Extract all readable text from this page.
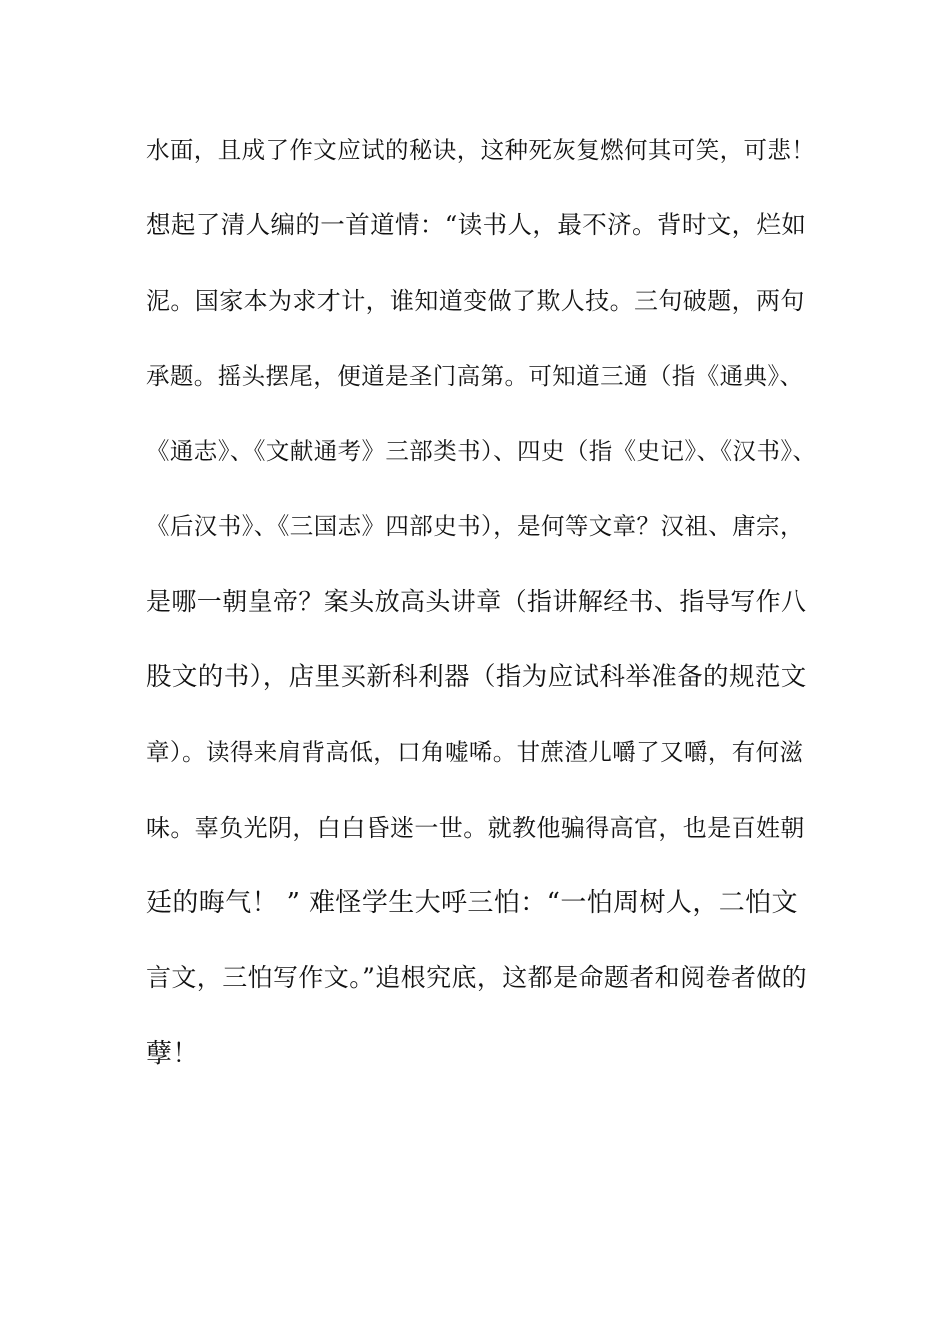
水面，且成了作文应试的秘诀，这种死灰复燃何其可笑，可悲！
想起了清人编的一首道情：“读书人，最不济。背时文，烂如
泥。国家本为求才计，谁知道变做了欺人技。三句破题，两句
承题。摇头摆尾，便道是圣门高第。可知道三通（指《通典》、
《通志》、《文献通考》三部类书）、四史（指《史记》、《汉书》、
《后汉书》、《三国志》四部史书），是何等文章？汉祖、唐宗，
是哪一朝皇帝？案头放高头讲章（指讲解经书、指导写作八
股文的书），店里买新科利器（指为应试科举准备的规范文
章）。读得来肩背高低，口角嘘唏。甘蔗渣儿嚼了又嚼，有何滋
味。辜负光阴，白白昏迷一世。就教他骗得高官，也是百姓朝
廷的晦气！ ” 难怪学生大呼三怕：“一怕周树人，二怕文
言文，三怕写作文。”追根究底，这都是命题者和阅卷者做的
孽！
